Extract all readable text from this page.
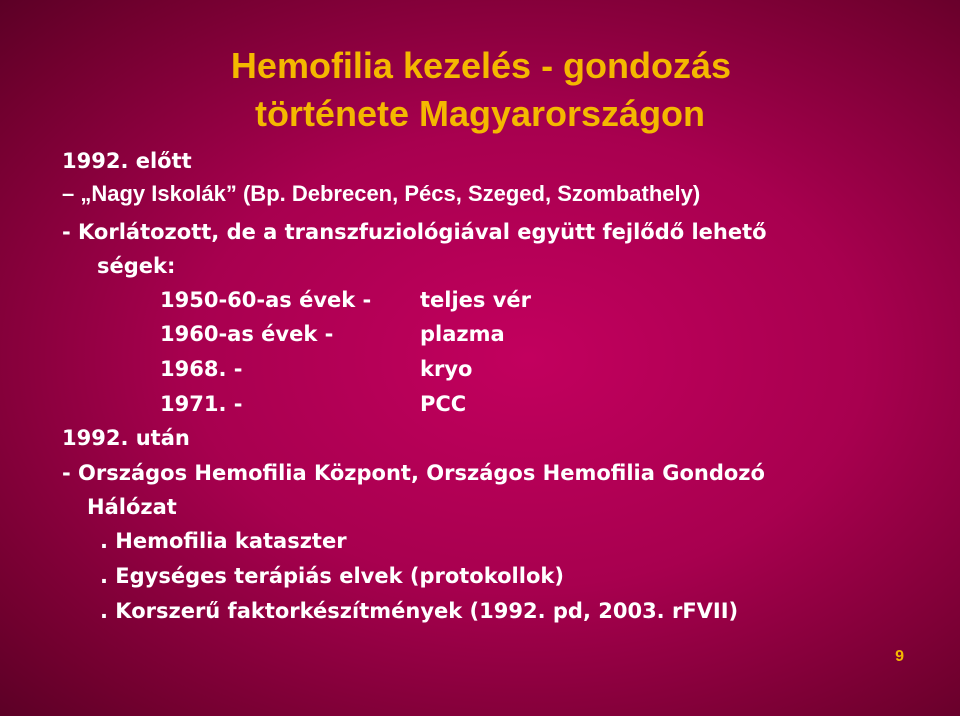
Hemofilia kezelés - gondozás
története Magyarországon
1992. előtt
– „Nagy Iskolák” (Bp. Debrecen, Pécs, Szeged, Szombathely)
- Korlátozott, de a transzfuziológiával együtt fejlődő lehető
ségek:
1950-60-as évek - teljes vér
1960-as évek -	plazma
1968. -	kryo
1971. -	PCC
1992. után
- Országos Hemofilia Központ, Országos Hemofilia Gondozó
Hálózat
. Hemofilia kataszter
. Egységes terápiás elvek (protokollok)
. Korszerű faktorkészítmények (1992. pd, 2003. rFVII)
9
